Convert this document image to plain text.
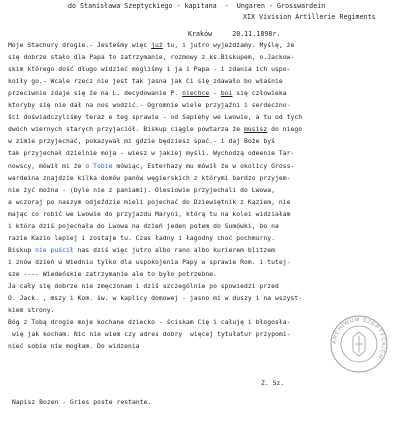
do Stanisława Szeptyckiego - kapitana  -  Ungaren - Grosswardein
XIX Vivision Artillerie Regiments
Kraków     20.11.1898r.
Moje Stachury drogie.- Jesteśmy więc już tu, i jutro wyjeżdżamy. Myślę, że
się dobrze stało dla Papa to zatrzymanie, rozmowy z ks.Biskupem, o.Jackow-
skim którego dość długo widzieć mogliśmy i ja i Papa - i zdania ich uspo-
koiły go.- Wcale rzecz nie jest tak jasna jak Ci się zdawało bo właśnie
przeciwnie zdaje się że na L. decydowanie P. niechce - boi się człowieka
ktoryby się nie dał na nos wodzić.- Ogromnie wiele przyjaźni i serdeczno-
ści doświadczyliśmy teraz e teg sprawie - od Sapiehy we Lwowie, a tu od tych
dwóch wiernych starych przyjaciół. Biskup ciągle powtarza że musisz do niego
w zimie przyjechać, pokazywał mi gdzie będziesz spać.- i daj Boże byś
tak przyjechał dzielnie moja - wiesz w jakiej myśli. Wychodzą odeenie Tar-
nowscy, mówił mi że o Tobie mówiąc, Esterhazy mu mówił że w okolicy Gross-
wardeina znajdzie kilka domów panów węgierskich z którymi bardzo przyjem-
nie żyć można - (byle nie z paniami). Olesiowie przyjechali do Lwowa,
a wczoraj po naszym odjeździe mieli pojechać do Dziewiętnik z Kaziem, nie
mając co robić we Lwowie do przyjazdu Maryni, którą tu na kolei widziałam
i która dziś pojechała do Lwowa na dzień jeden potem do Sumówki, bo na
razie Kazio lepiej i zostaje tu. Czas ładny i łagodny choć pochmurny.
Biskup nie puścił nas dziś więc jutro albo rano albo kurierem blitzem
i znów dzień w Wiedniu tylko dla uspokojenia Papy w sprawie Rom. i tutej-
sze ---- Wiedeńskie zatrzymanie ale to było potrzebne.
Ja cały się dobrze nie zmęczonam i dziś szczególnie po spowiedzi przed
O. Jack. , mszy i Kom. św. w kaplicy domowej - jasno mi w duszy i na wszyst-
kiem strony.
Bóg z Tobą drogie moje kochane dziecko - ściskam Cię i całuję i błogosła-
wię jak kocham. Nic nie wiem czy adres dobry  więcej tytułatur przypomi-
nieć sobie nie mogłam. Do widzenia
Z. Sz.
Napisz Bozen - Gries poste restante.
ARCHIWUM SZEPTYCKICH
